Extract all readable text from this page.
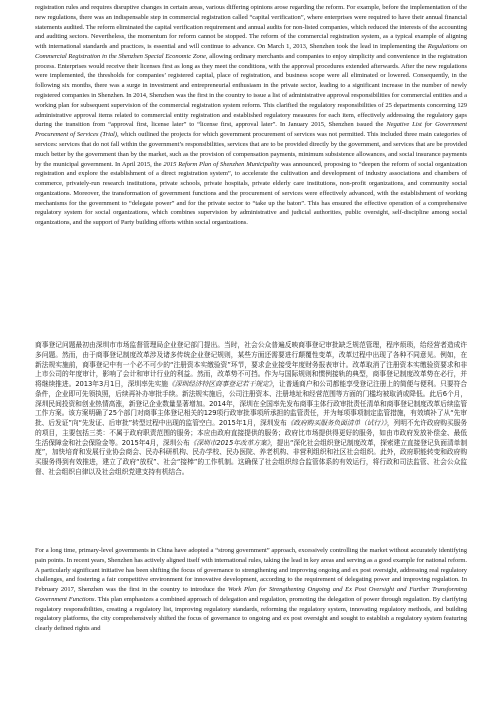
registration rules and requires disruptive changes in certain areas, various differing opinions arose regarding the reform. For example, before the implementation of the new regulations, there was an indispensable step in commercial registration called “capital verification”, where enterprises were required to have their annual financial statements audited. The reform eliminated the capital verification requirement and annual audits for non-listed companies, which reduced the interests of the accounting and auditing sectors. Nevertheless, the momentum for reform cannot be stopped. The reform of the commercial registration system, as a typical example of aligning with international standards and practices, is essential and will continue to advance. On March 1, 2013, Shenzhen took the lead in implementing the Regulations on Commercial Registration in the Shenzhen Special Economic Zone, allowing ordinary merchants and companies to enjoy simplicity and convenience in the registration process. Enterprises would receive their licenses first as long as they meet the conditions, with the approval procedures extended afterwards. After the new regulations were implemented, the thresholds for companies’ registered capital, place of registration, and business scope were all eliminated or lowered. Consequently, in the following six months, there was a surge in investment and entrepreneurial enthusiasm in the private sector, leading to a significant increase in the number of newly registered companies in Shenzhen. In 2014, Shenzhen was the first in the country to issue a list of administrative approval responsibilities for commercial entities and a working plan for subsequent supervision of the commercial registration system reform. This clarified the regulatory responsibilities of 25 departments concerning 129 administrative approval items related to commercial entity registration and established regulatory measures for each item, effectively addressing the regulatory gaps during the transition from “approval first, license later” to “license first, approval later”. In January 2015, Shenzhen issued the Negative List for Government Procurement of Services (Trial), which outlined the projects for which government procurement of services was not permitted. This included three main categories of services: services that do not fall within the government’s responsibilities, services that are to be provided directly by the government, and services that are be provided much better by the government than by the market, such as the provision of compensation payments, minimum subsistence allowances, and social insurance payments by the municipal government. In April 2015, the 2015 Reform Plan of Shenzhen Municipality was announced, proposing to “deepen the reform of social organization registration and explore the establishment of a direct registration system”, to accelerate the cultivation and development of industry associations and chambers of commerce, privately-run research institutions, private schools, private hospitals, private elderly care institutions, non-profit organizations, and community social organizations. Moreover, the transformation of government functions and the procurement of services were effectively advanced, with the establishment of working mechanisms for the government to “delegate power” and for the private sector to “take up the baton”. This has ensured the effective operation of a comprehensive regulatory system for social organizations, which combines supervision by administrative and judicial authorities, public oversight, self-discipline among social organizations, and the support of Party building efforts within social organizations.

商事登记问题最初由深圳市市场监督管理局企业登记部门提出。当时，社会公众普遍反映商事登记审批缺乏规范管理，程序烦琐，给经营者造成许多问题。然而，由于商事登记制度改革涉及诸多传统企业登记规则，某些方面还需要进行颠覆性变革，改革过程中出现了各种不同意见。例如，在新法规实施前，商事登记中有一个必不可少的“注册资本实缴验资”环节，要求企业接受年度财务报表审计。改革取消了注册资本实缴验资要求和非上市公司的年度审计，影响了会计和审计行业的利益。然而，改革势不可挡。作为与国际规则和惯例接轨的典型，商事登记制度改革势在必行，并将继续推进。2013年3月1日，深圳率先实施《深圳经济特区商事登记若干规定》，让普通商户和公司都能享受登记注册上的简便与便利。只要符合条件，企业即可先领执照，后续再补办审批手续。新法规实施后，公司注册资本、注册地址和经营范围等方面的门槛均被取消或降低。此后6个月，深圳民间投资和创业热情高涨，新登记企业数量显著增加。2014年，深圳在全国率先发布商事主体行政审批责任清单和商事登记制度改革后续监管工作方案。该方案明确了25个部门对商事主体登记相关的129项行政审批事项所承担的监管责任，并为每项事项制定监管措施，有效填补了从“先审批、后发证”向“先发证、后审批”转型过程中出现的监管空白。2015年1月，深圳发布《政府购买服务负面清单（试行）》，列明不允许政府购买服务的项目，主要包括三类：不属于政府职责范围的服务；本应由政府直接提供的服务；政府比市场提供得更好的服务，如由市政府发放补偿金、最低生活保障金和社会保险金等。2015年4月，深圳公布《深圳市2015年改革方案》，提出“深化社会组织登记制度改革，探索建立直接登记负面清单制度”，加快培育和发展行业协会商会、民办科研机构、民办学校、民办医院、养老机构、非营利组织和社区社会组织。此外，政府职能转变和政府购买服务得到有效推进，建立了政府“放权”、社会“接棒”的工作机制。这确保了社会组织综合监管体系的有效运行，将行政和司法监管、社会公众监督、社会组织自律以及社会组织党建支持有机结合。

For a long time, primary-level governments in China have adopted a “strong government” approach, excessively controlling the market without accurately identifying pain points. In recent years, Shenzhen has actively aligned itself with international rules, taking the lead in key areas and serving as a good example for national reform. A particularly significant initiative has been shifting the focus of governance to strengthening and improving ongoing and ex post oversight, addressing real regulatory challenges, and fostering a fair competitive environment for innovative development, according to the requirement of delegating power and improving regulation. In February 2017, Shenzhen was the first in the country to introduce the Work Plan for Strengthening Ongoing and Ex Post Oversight and Further Transforming Government Functions. This plan emphasizes a combined approach of delegation and regulation, promoting the delegation of power through regulation. By clarifying regulatory responsibilities, creating a regulatory list, improving regulatory standards, reforming the regulatory system, innovating regulatory methods, and building regulatory platforms, the city comprehensively shifted the focus of governance to ongoing and ex post oversight and sought to establish a regulatory system featuring clearly defined rights and
